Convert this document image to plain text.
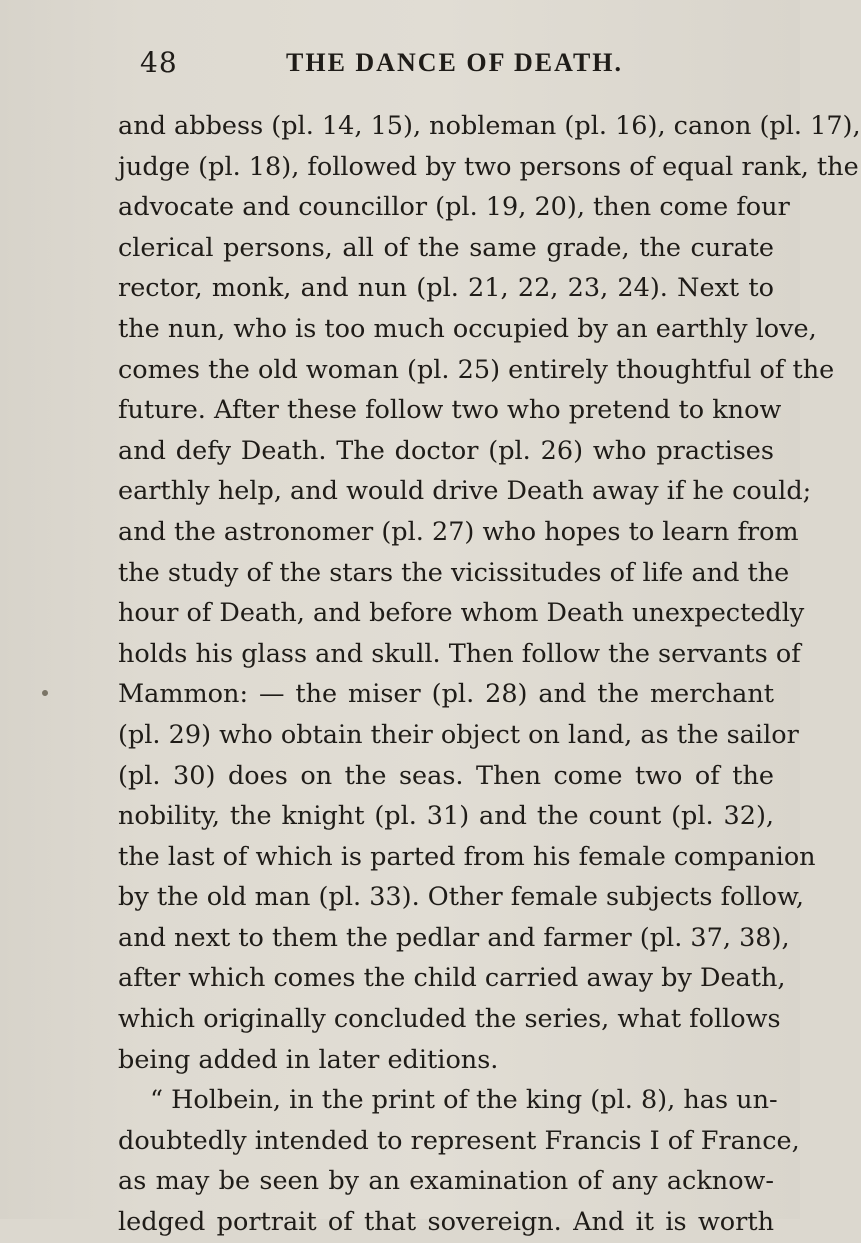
48	THE DANCE OF DEATH.
and abbess (pl. 14, 15), nobleman (pl. 16), canon (pl. 17),
judge (pl. 18), followed by two persons of equal rank, the
advocate and councillor (pl. 19, 20), then come four
clerical persons, all of the same grade, the curate
rector, monk, and nun (pl. 21, 22, 23, 24). Next to
the nun, who is too much occupied by an earthly love,
comes the old woman (pl. 25) entirely thoughtful of the
future. After these follow two who pretend to know
and defy Death. The doctor (pl. 26) who practises
earthly help, and would drive Death away if he could;
and the astronomer (pl. 27) who hopes to learn from
the study of the stars the vicissitudes of life and the
hour of Death, and before whom Death unexpectedly
holds his glass and skull. Then follow the servants of
Mammon: — the miser (pl. 28) and the merchant
(pl. 29) who obtain their object on land, as the sailor
(pl. 30) does on the seas. Then come two of the
nobility, the knight (pl. 31) and the count (pl. 32),
the last of which is parted from his female companion
by the old man (pl. 33). Other female subjects follow,
and next to them the pedlar and farmer (pl. 37, 38),
after which comes the child carried away by Death,
which originally concluded the series, what follows
being added in later editions.
“ Holbein, in the print of the king (pl. 8), has un-
doubtedly intended to represent Francis I of France,
as may be seen by an examination of any acknow-
ledged portrait of that sovereign. And it is worth
